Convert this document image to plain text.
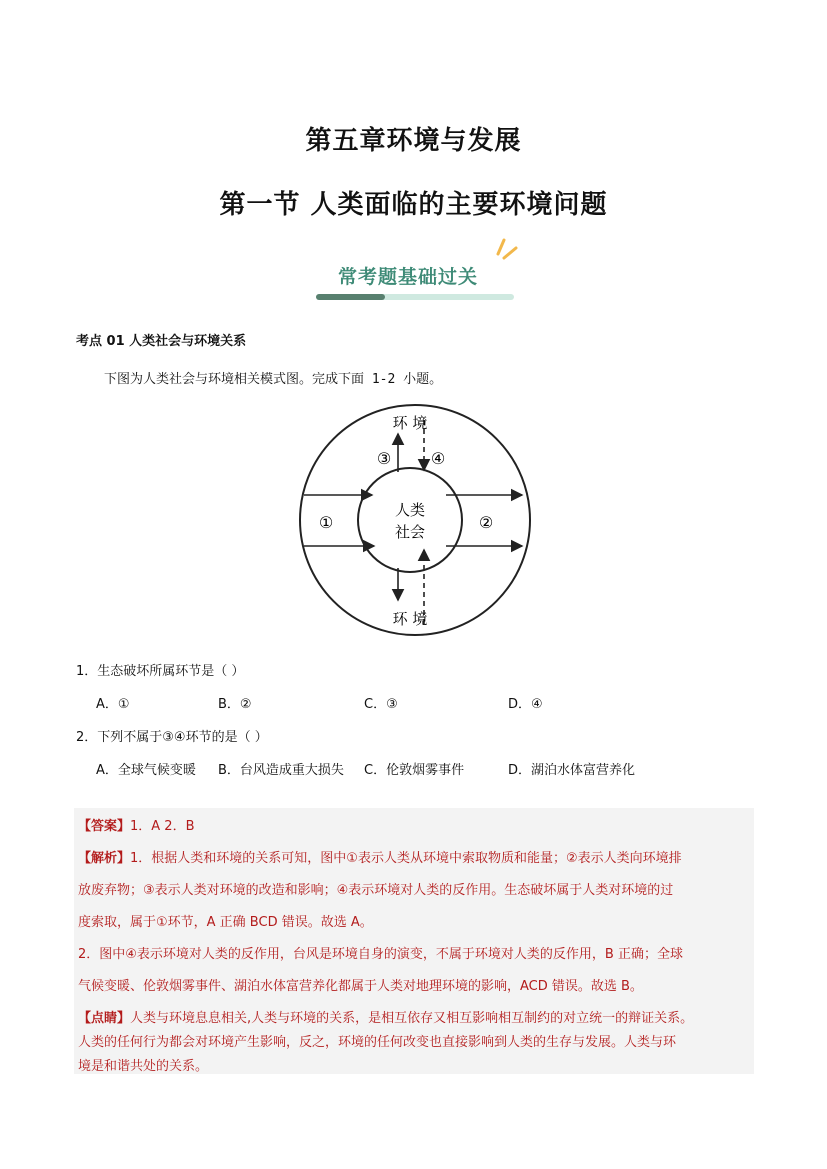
第五章环境与发展
第一节 人类面临的主要环境问题
常考题基础过关
考点 01 人类社会与环境关系
下图为人类社会与环境相关模式图。完成下面 1-2 小题。
环 境
环 境
人类
社会
①	②
③ ④
1．生态破坏所属环节是（ ）
A．①	B．②	C．③	D．④
2．下列不属于③④环节的是（ ）
A．全球气候变暖 B．台风造成重大损失 C．伦敦烟雾事件	D．湖泊水体富营养化
【答案】1．A 2．B
【解析】1．根据人类和环境的关系可知，图中①表示人类从环境中索取物质和能量；②表示人类向环境排
放废弃物；③表示人类对环境的改造和影响；④表示环境对人类的反作用。生态破坏属于人类对环境的过
度索取，属于①环节，A 正确 BCD 错误。故选 A。
2．图中④表示环境对人类的反作用，台风是环境自身的演变，不属于环境对人类的反作用，B 正确；全球
气候变暖、伦敦烟雾事件、湖泊水体富营养化都属于人类对地理环境的影响，ACD 错误。故选 B。
【点睛】人类与环境息息相关,人类与环境的关系，是相互依存又相互影响相互制约的对立统一的辩证关系。
人类的任何行为都会对环境产生影响，反之，环境的任何改变也直接影响到人类的生存与发展。人类与环
境是和谐共处的关系。
